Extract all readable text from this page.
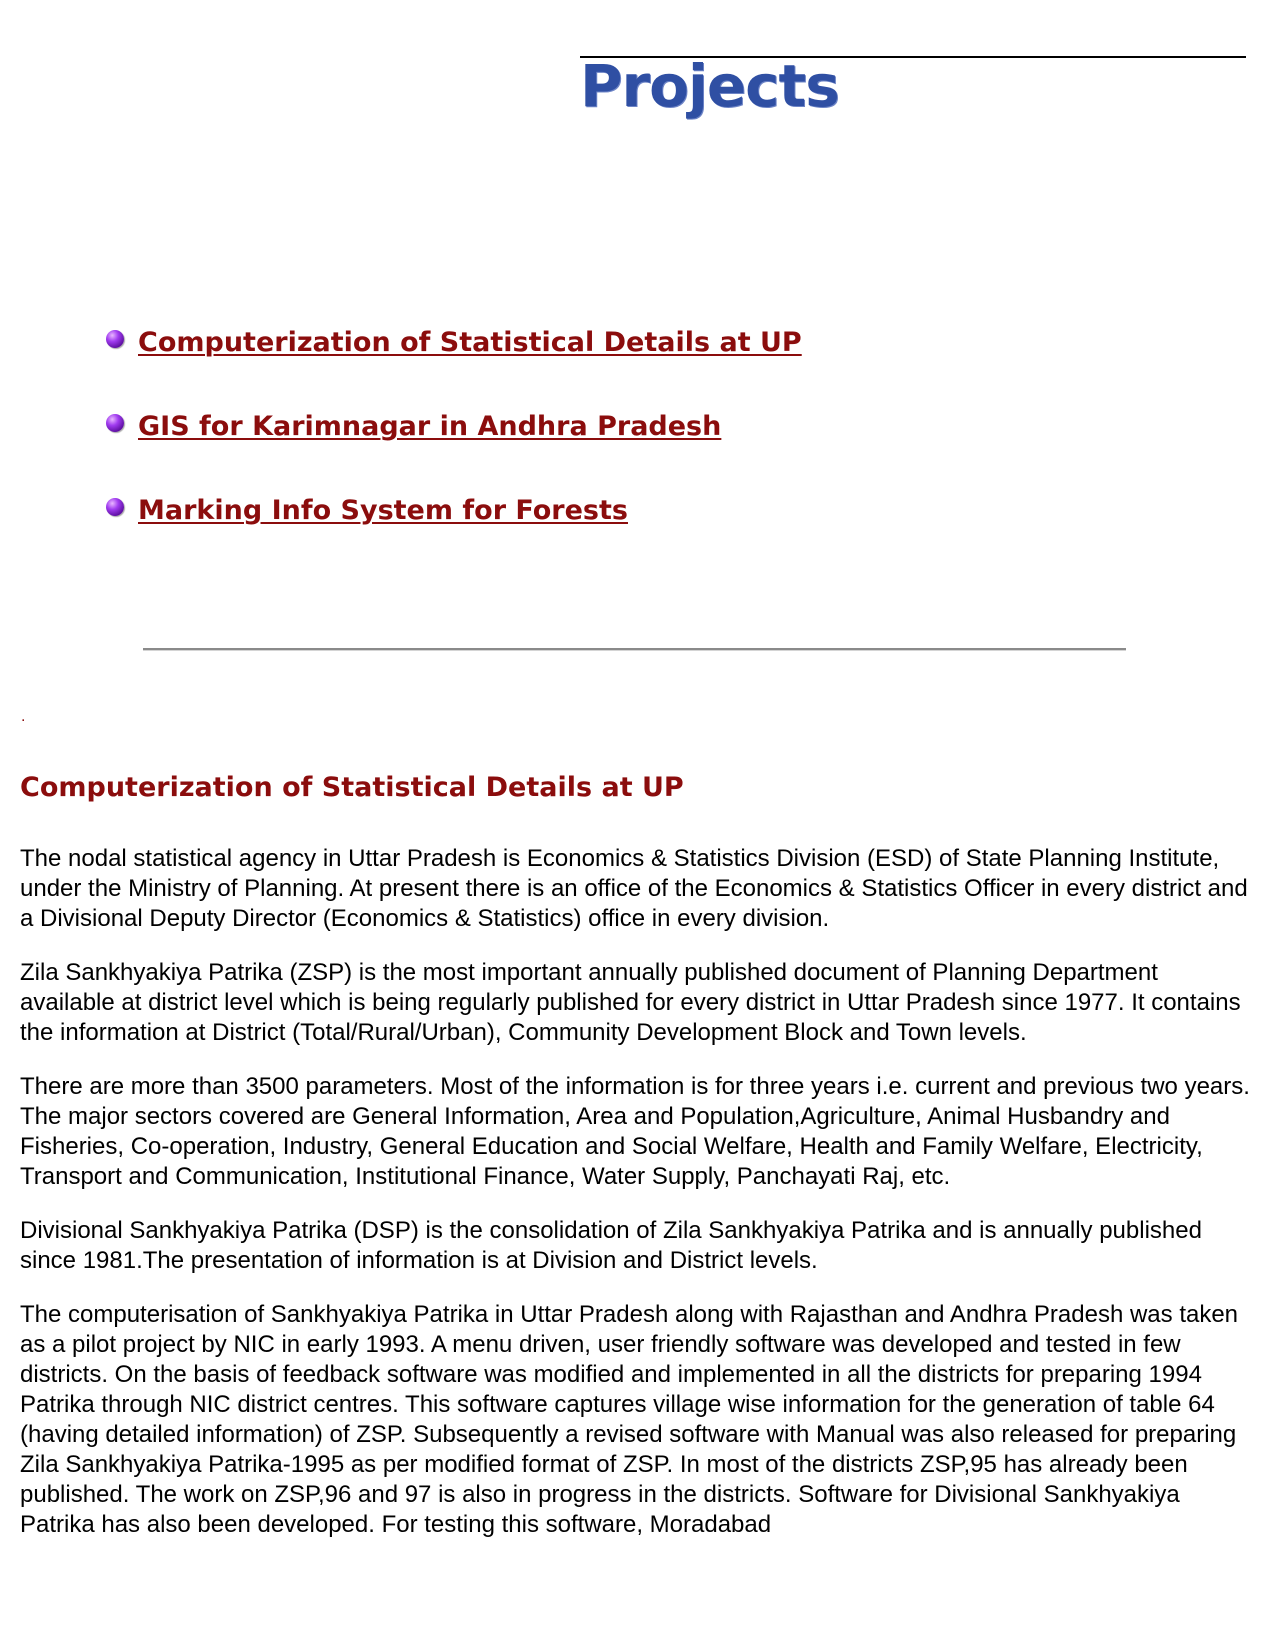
Projects
Computerization of Statistical Details at UP
GIS for Karimnagar in Andhra Pradesh
Marking Info System for Forests
.
Computerization of Statistical Details at UP

The nodal statistical agency in Uttar Pradesh is Economics & Statistics Division (ESD) of State Planning Institute, under the Ministry of Planning. At present there is an office of the Economics & Statistics Officer in every district and a Divisional Deputy Director (Economics & Statistics) office in every division.

Zila Sankhyakiya Patrika (ZSP) is the most important annually published document of Planning Department available at district level which is being regularly published for every district in Uttar Pradesh since 1977. It contains the information at District (Total/Rural/Urban), Community Development Block and Town levels.

There are more than 3500 parameters. Most of the information is for three years i.e. current and previous two years. The major sectors covered are General Information, Area and Population,Agriculture, Animal Husbandry and Fisheries, Co-operation, Industry, General Education and Social Welfare, Health and Family Welfare, Electricity, Transport and Communication, Institutional Finance, Water Supply, Panchayati Raj, etc.

Divisional Sankhyakiya Patrika (DSP) is the consolidation of Zila Sankhyakiya Patrika and is annually published since 1981.The presentation of information is at Division and District levels.

The computerisation of Sankhyakiya Patrika in Uttar Pradesh along with Rajasthan and Andhra Pradesh was taken as a pilot project by NIC in early 1993. A menu driven, user friendly software was developed and tested in few districts. On the basis of feedback software was modified and implemented in all the districts for preparing 1994 Patrika through NIC district centres. This software captures village wise information for the generation of table 64 (having detailed information) of ZSP. Subsequently a revised software with Manual was also released for preparing Zila Sankhyakiya Patrika-1995 as per modified format of ZSP. In most of the districts ZSP,95 has already been published. The work on ZSP,96 and 97 is also in progress in the districts. Software for Divisional Sankhyakiya Patrika has also been developed. For testing this software, Moradabad
